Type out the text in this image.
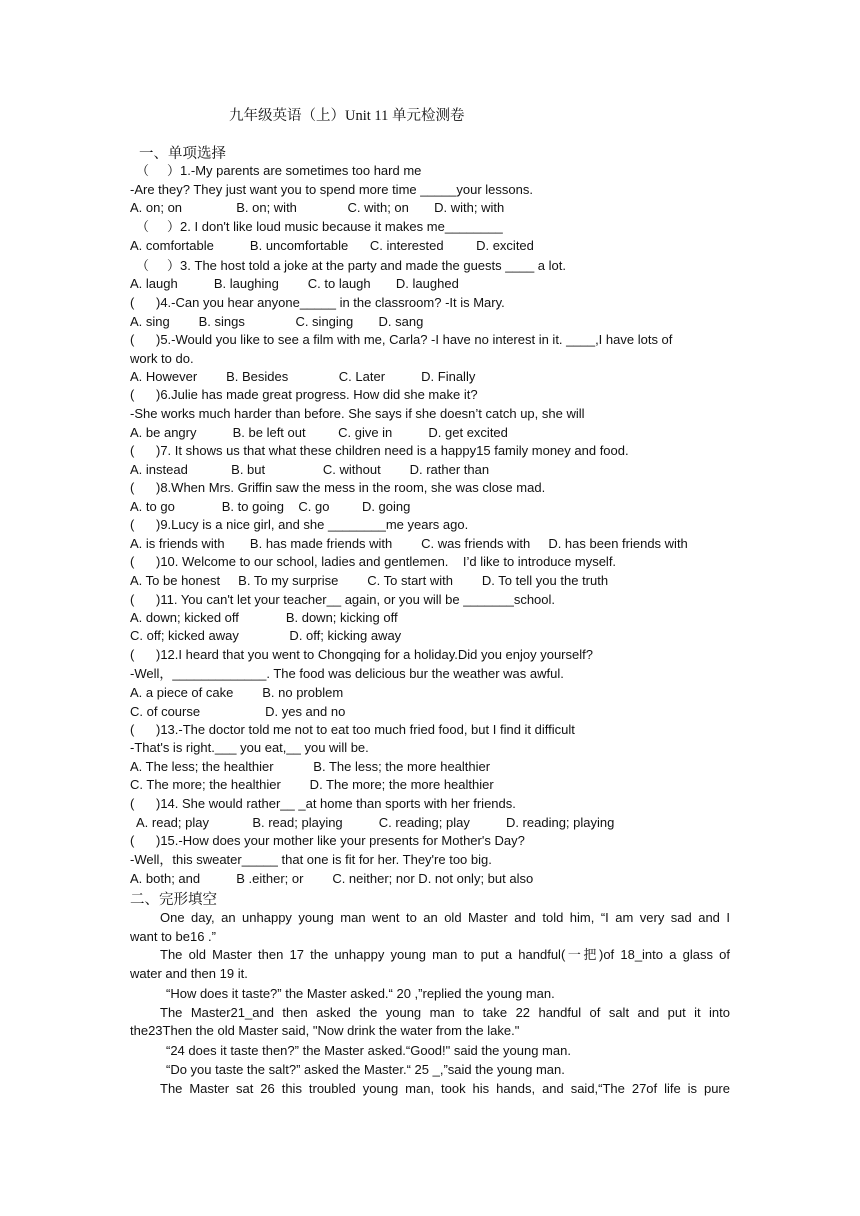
九年级英语（上）Unit 11 单元检测卷
一、单项选择
（     ）1.-My parents are sometimes too hard me
-Are they? They just want you to spend more time _____your lessons.
A. on; on               B. on; with              C. with; on       D. with; with
（     ）2. I don't like loud music because it makes me________
A. comfortable          B. uncomfortable      C. interested         D. excited
（     ）3. The host told a joke at the party and made the guests ____ a lot.
A. laugh          B. laughing        C. to laugh       D. laughed
(      )4.-Can you hear anyone_____ in the classroom? -It is Mary.
A. sing        B. sings              C. singing       D. sang
(      )5.-Would you like to see a film with me, Carla? -I have no interest in it. ____,I have lots of
work to do.
A. However        B. Besides              C. Later          D. Finally
(      )6.Julie has made great progress. How did she make it?
-She works much harder than before. She says if she doesn’t catch up, she will
A. be angry          B. be left out         C. give in          D. get excited
(      )7. It shows us that what these children need is a happy15 family money and food.
A. instead            B. but                C. without        D. rather than
(      )8.When Mrs. Griffin saw the mess in the room, she was close mad.
A. to go             B. to going    C. go         D. going
(      )9.Lucy is a nice girl, and she ________me years ago.
A. is friends with       B. has made friends with        C. was friends with     D. has been friends with
(      )10. Welcome to our school, ladies and gentlemen.    I’d like to introduce myself.
A. To be honest     B. To my surprise        C. To start with        D. To tell you the truth
(      )11. You can't let your teacher__ again, or you will be _______school.
A. down; kicked off             B. down; kicking off
C. off; kicked away              D. off; kicking away
(      )12.I heard that you went to Chongqing for a holiday.Did you enjoy yourself?
-Well，_____________. The food was delicious bur the weather was awful.
A. a piece of cake        B. no problem
C. of course                  D. yes and no
(      )13.-The doctor told me not to eat too much fried food, but I find it difficult
-That's is right.___ you eat,__ you will be.
A. The less; the healthier           B. The less; the more healthier
C. The more; the healthier        D. The more; the more healthier
(      )14. She would rather__ _at home than sports with her friends.
A. read; play            B. read; playing          C. reading; play          D. reading; playing
(      )15.-How does your mother like your presents for Mother's Day?
-Well，this sweater_____ that one is fit for her. They're too big.
A. both; and          B .either; or        C. neither; nor D. not only; but also
二、完形填空
One day, an unhappy young man went to an old Master and told him, “I am very sad and I
want to be16 .”
The old Master then 17 the unhappy young man to put a handful(一把)of 18_into a glass of
water and then 19 it.
“How does it taste?” the Master asked.“ 20 ,”replied the young man.
The Master21_and then asked the young man to take 22 handful of salt and put it into
the23Then the old Master said, "Now drink the water from the lake."
“24 does it taste then?” the Master asked.“Good!" said the young man.
“Do you taste the salt?” asked the Master.“ 25 _,”said the young man.
The Master sat 26 this troubled young man, took his hands, and said,“The 27of life is pure
